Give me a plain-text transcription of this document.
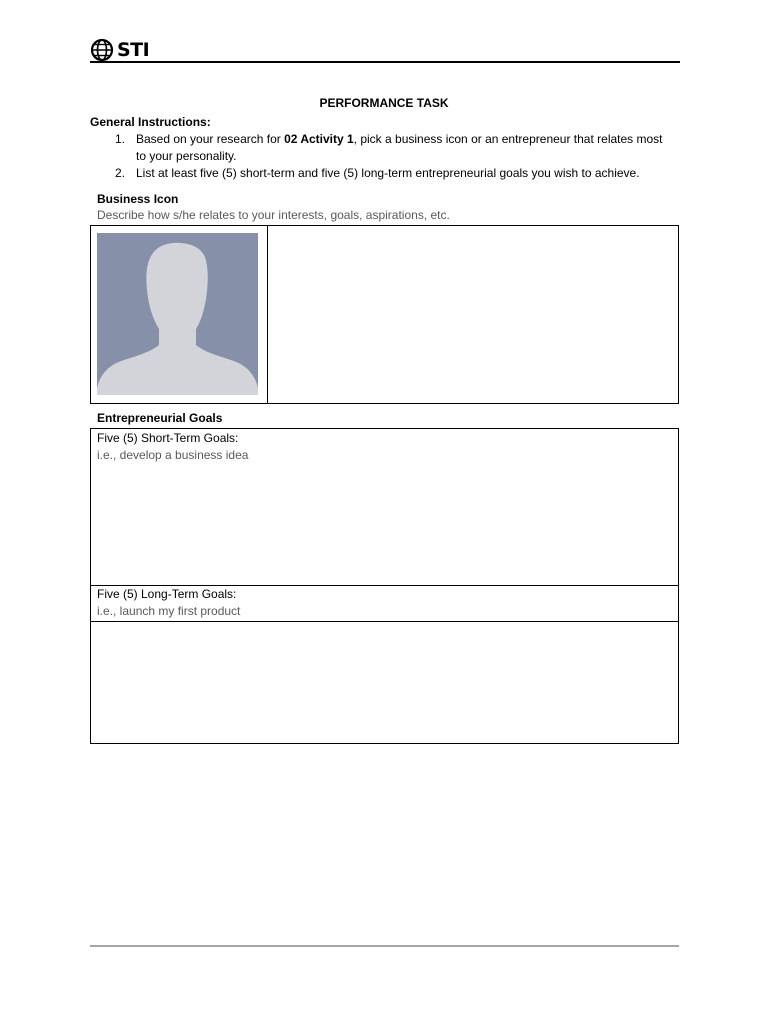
STI
PERFORMANCE TASK
General Instructions:
1. Based on your research for 02 Activity 1, pick a business icon or an entrepreneur that relates most
to your personality.
2. List at least five (5) short-term and five (5) long-term entrepreneurial goals you wish to achieve.
Business Icon
Describe how s/he relates to your interests, goals, aspirations, etc.
Entrepreneurial Goals
Five (5) Short-Term Goals:
i.e., develop a business idea
Five (5) Long-Term Goals:
i.e., launch my first product
